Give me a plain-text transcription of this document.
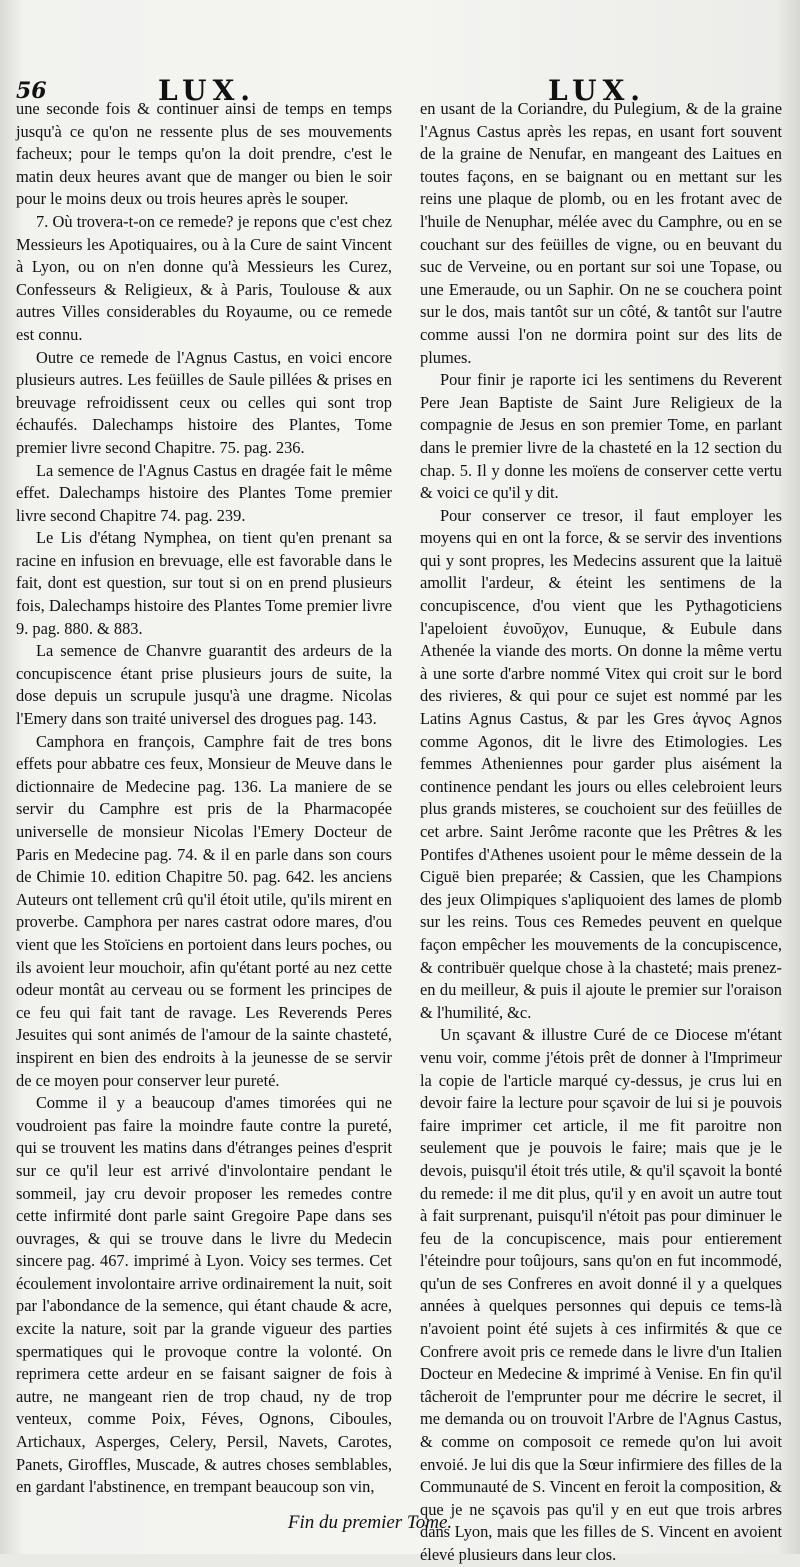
56	LUX.	LUX.

une seconde fois & continuer ainsi de temps en temps jusqu'à ce qu'on ne ressente plus de ses mouvements facheux; pour le temps qu'on la doit prendre, c'est le matin deux heures avant que de manger ou bien le soir pour le moins deux ou trois heures après le souper.

7. Où trovera-t-on ce remede? je repons que c'est chez Messieurs les Apotiquaires, ou à la Cure de saint Vincent à Lyon, ou on n'en donne qu'à Messieurs les Curez, Confesseurs & Religieux, & à Paris, Toulouse & aux autres Villes considerables du Royaume, ou ce remede est connu.

Outre ce remede de l'Agnus Castus, en voici encore plusieurs autres. Les feüilles de Saule pillées & prises en breuvage refroidissent ceux ou celles qui sont trop échaufés. Dalechamps histoire des Plantes, Tome premier livre second Chapitre. 75. pag. 236.

La semence de l'Agnus Castus en dragée fait le même effet. Dalechamps histoire des Plantes Tome premier livre second Chapitre 74. pag. 239.

Le Lis d'étang Nymphea, on tient qu'en prenant sa racine en infusion en brevuage, elle est favorable dans le fait, dont est question, sur tout si on en prend plusieurs fois, Dalechamps histoire des Plantes Tome premier livre 9. pag. 880. & 883.

La semence de Chanvre guarantit des ardeurs de la concupiscence étant prise plusieurs jours de suite, la dose depuis un scrupule jusqu'à une dragme. Nicolas l'Emery dans son traité universel des drogues pag. 143.

Camphora en françois, Camphre fait de tres bons effets pour abbatre ces feux, Monsieur de Meuve dans le dictionnaire de Medecine pag. 136. La maniere de se servir du Camphre est pris de la Pharmacopée universelle de monsieur Nicolas l'Emery Docteur de Paris en Medecine pag. 74. & il en parle dans son cours de Chimie 10. edition Chapitre 50. pag. 642. les anciens Auteurs ont tellement crû qu'il étoit utile, qu'ils mirent en proverbe. Camphora per nares castrat odore mares, d'ou vient que les Stoïciens en portoient dans leurs poches, ou ils avoient leur mouchoir, afin qu'étant porté au nez cette odeur montât au cerveau ou se forment les principes de ce feu qui fait tant de ravage. Les Reverends Peres Jesuites qui sont animés de l'amour de la sainte chasteté, inspirent en bien des endroits à la jeunesse de se servir de ce moyen pour conserver leur pureté.

Comme il y a beaucoup d'ames timorées qui ne voudroient pas faire la moindre faute contre la pureté, qui se trouvent les matins dans d'étranges peines d'esprit sur ce qu'il leur est arrivé d'involontaire pendant le sommeil, jay cru devoir proposer les remedes contre cette infirmité dont parle saint Gregoire Pape dans ses ouvrages, & qui se trouve dans le livre du Medecin sincere pag. 467. imprimé à Lyon. Voicy ses termes. Cet écoulement involontaire arrive ordinairement la nuit, soit par l'abondance de la semence, qui étant chaude & acre, excite la nature, soit par la grande vigueur des parties spermatiques qui le provoque contre la volonté. On reprimera cette ardeur en se faisant saigner de fois à autre, ne mangeant rien de trop chaud, ny de trop venteux, comme Poix, Féves, Ognons, Ciboules, Artichaux, Asperges, Celery, Persil, Navets, Carotes, Panets, Giroffles, Muscade, & autres choses semblables, en gardant l'abstinence, en trempant beaucoup son vin,

en usant de la Coriandre, du Pulegium, & de la graine l'Agnus Castus après les repas, en usant fort souvent de la graine de Nenufar, en mangeant des Laitues en toutes façons, en se baignant ou en mettant sur les reins une plaque de plomb, ou en les frotant avec de l'huile de Nenuphar, mélée avec du Camphre, ou en se couchant sur des feüilles de vigne, ou en beuvant du suc de Verveine, ou en portant sur soi une Topase, ou une Emeraude, ou un Saphir. On ne se couchera point sur le dos, mais tantôt sur un côté, & tantôt sur l'autre comme aussi l'on ne dormira point sur des lits de plumes.

Pour finir je raporte ici les sentimens du Reverent Pere Jean Baptiste de Saint Jure Religieux de la compagnie de Jesus en son premier Tome, en parlant dans le premier livre de la chasteté en la 12 section du chap. 5. Il y donne les moïens de conserver cette vertu & voici ce qu'il y dit.

Pour conserver ce tresor, il faut employer les moyens qui en ont la force, & se servir des inventions qui y sont propres, les Medecins assurent que la laituë amollit l'ardeur, & éteint les sentimens de la concupiscence, d'ou vient que les Pythagoticiens l'apeloient ἐυνοῦχον, Eunuque, & Eubule dans Athenée la viande des morts. On donne la même vertu à une sorte d'arbre nommé Vitex qui croit sur le bord des rivieres, & qui pour ce sujet est nommé par les Latins Agnus Castus, & par les Gres ἁγνος Agnos comme Agonos, dit le livre des Etimologies. Les femmes Atheniennes pour garder plus aisément la continence pendant les jours ou elles celebroient leurs plus grands misteres, se couchoient sur des feüilles de cet arbre. Saint Jerôme raconte que les Prêtres & les Pontifes d'Athenes usoient pour le même dessein de la Ciguë bien preparée; & Cassien, que les Champions des jeux Olimpiques s'apliquoient des lames de plomb sur les reins. Tous ces Remedes peuvent en quelque façon empêcher les mouvements de la concupiscence, & contribuër quelque chose à la chasteté; mais prenez-en du meilleur, & puis il ajoute le premier sur l'oraison & l'humilité, &c.

Un sçavant & illustre Curé de ce Diocese m'étant venu voir, comme j'étois prêt de donner à l'Imprimeur la copie de l'article marqué cy-dessus, je crus lui en devoir faire la lecture pour sçavoir de lui si je pouvois faire imprimer cet article, il me fit paroitre non seulement que je pouvois le faire; mais que je le devois, puisqu'il étoit trés utile, & qu'il sçavoit la bonté du remede: il me dit plus, qu'il y en avoit un autre tout à fait surprenant, puisqu'il n'étoit pas pour diminuer le feu de la concupiscence, mais pour entierement l'éteindre pour toûjours, sans qu'on en fut incommodé, qu'un de ses Confreres en avoit donné il y a quelques années à quelques personnes qui depuis ce tems-là n'avoient point été sujets à ces infirmités & que ce Confrere avoit pris ce remede dans le livre d'un Italien Docteur en Medecine & imprimé à Venise. En fin qu'il tâcheroit de l'emprunter pour me décrire le secret, il me demanda ou on trouvoit l'Arbre de l'Agnus Castus, & comme on composoit ce remede qu'on lui avoit envoié. Je lui dis que la Sœur infirmiere des filles de la Communauté de S. Vincent en feroit la composition, & que je ne sçavois pas qu'il y en eut que trois arbres dans Lyon, mais que les filles de S. Vincent en avoient élevé plusieurs dans leur clos.

Fin du premier Tome.
